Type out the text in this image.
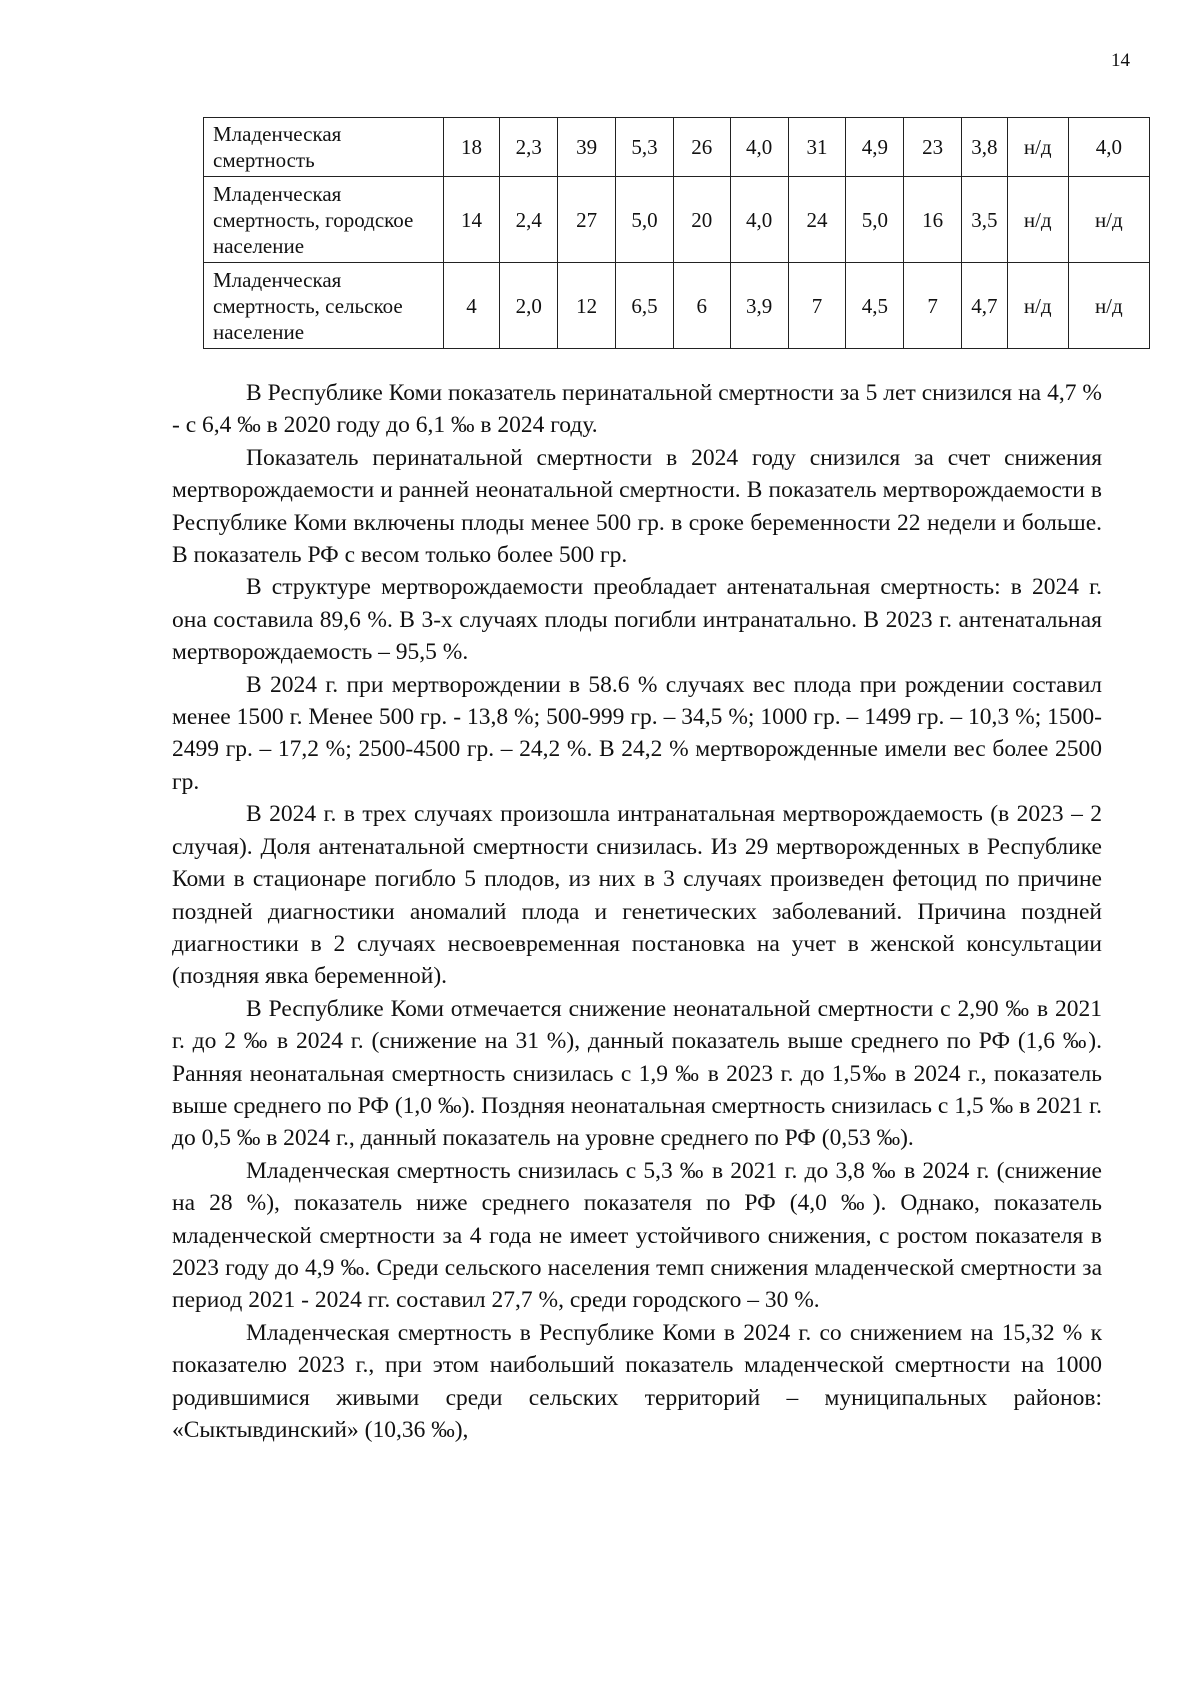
14
Младенческая смертность	18	2,3	39	5,3	26	4,0	31	4,9	23	3,8	н/д	4,0
Младенческая смертность, городское население	14	2,4	27	5,0	20	4,0	24	5,0	16	3,5	н/д	н/д
Младенческая смертность, сельское население	4	2,0	12	6,5	6	3,9	7	4,5	7	4,7	н/д	н/д

В Республике Коми показатель перинатальной смертности за 5 лет снизился на 4,7 % - с 6,4 ‰ в 2020 году до 6,1 ‰ в 2024 году.

Показатель перинатальной смертности в 2024 году снизился за счет снижения мертворождаемости и ранней неонатальной смертности. В показатель мертворождаемости в Республике Коми включены плоды менее 500 гр. в сроке беременности 22 недели и больше. В показатель РФ с весом только более 500 гр.

В структуре мертворождаемости преобладает антенатальная смертность: в 2024 г. она составила 89,6 %. В 3-х случаях плоды погибли интранатально. В 2023 г. антенатальная мертворождаемость – 95,5 %.

В 2024 г. при мертворождении в 58.6 % случаях вес плода при рождении составил менее 1500 г. Менее 500 гр. - 13,8 %; 500-999 гр. – 34,5 %; 1000 гр. – 1499 гр. – 10,3 %; 1500-2499 гр. – 17,2 %; 2500-4500 гр. – 24,2 %. В 24,2 % мертворожденные имели вес более 2500 гр.

В 2024 г. в трех случаях произошла интранатальная мертворождаемость (в 2023 – 2 случая). Доля антенатальной смертности снизилась. Из 29 мертворожденных в Республике Коми в стационаре погибло 5 плодов, из них в 3 случаях произведен фетоцид по причине поздней диагностики аномалий плода и генетических заболеваний. Причина поздней диагностики в 2 случаях несвоевременная постановка на учет в женской консультации (поздняя явка беременной).

В Республике Коми отмечается снижение неонатальной смертности с 2,90 ‰ в 2021 г. до 2 ‰ в 2024 г. (снижение на 31 %), данный показатель выше среднего по РФ (1,6 ‰). Ранняя неонатальная смертность снизилась с 1,9 ‰ в 2023 г. до 1,5‰ в 2024 г., показатель выше среднего по РФ (1,0 ‰). Поздняя неонатальная смертность снизилась с 1,5 ‰ в 2021 г. до 0,5 ‰ в 2024 г., данный показатель на уровне среднего по РФ (0,53 ‰).

Младенческая смертность снизилась с 5,3 ‰ в 2021 г. до 3,8 ‰ в 2024 г. (снижение на 28 %), показатель ниже среднего показателя по РФ (4,0 ‰). Однако, показатель младенческой смертности за 4 года не имеет устойчивого снижения, с ростом показателя в 2023 году до 4,9 ‰. Среди сельского населения темп снижения младенческой смертности за период 2021 - 2024 гг. составил 27,7 %, среди городского – 30 %.

Младенческая смертность в Республике Коми в 2024 г. со снижением на 15,32 % к показателю 2023 г., при этом наибольший показатель младенческой смертности на 1000 родившимися живыми среди сельских территорий – муниципальных районов: «Сыктывдинский» (10,36 ‰),
